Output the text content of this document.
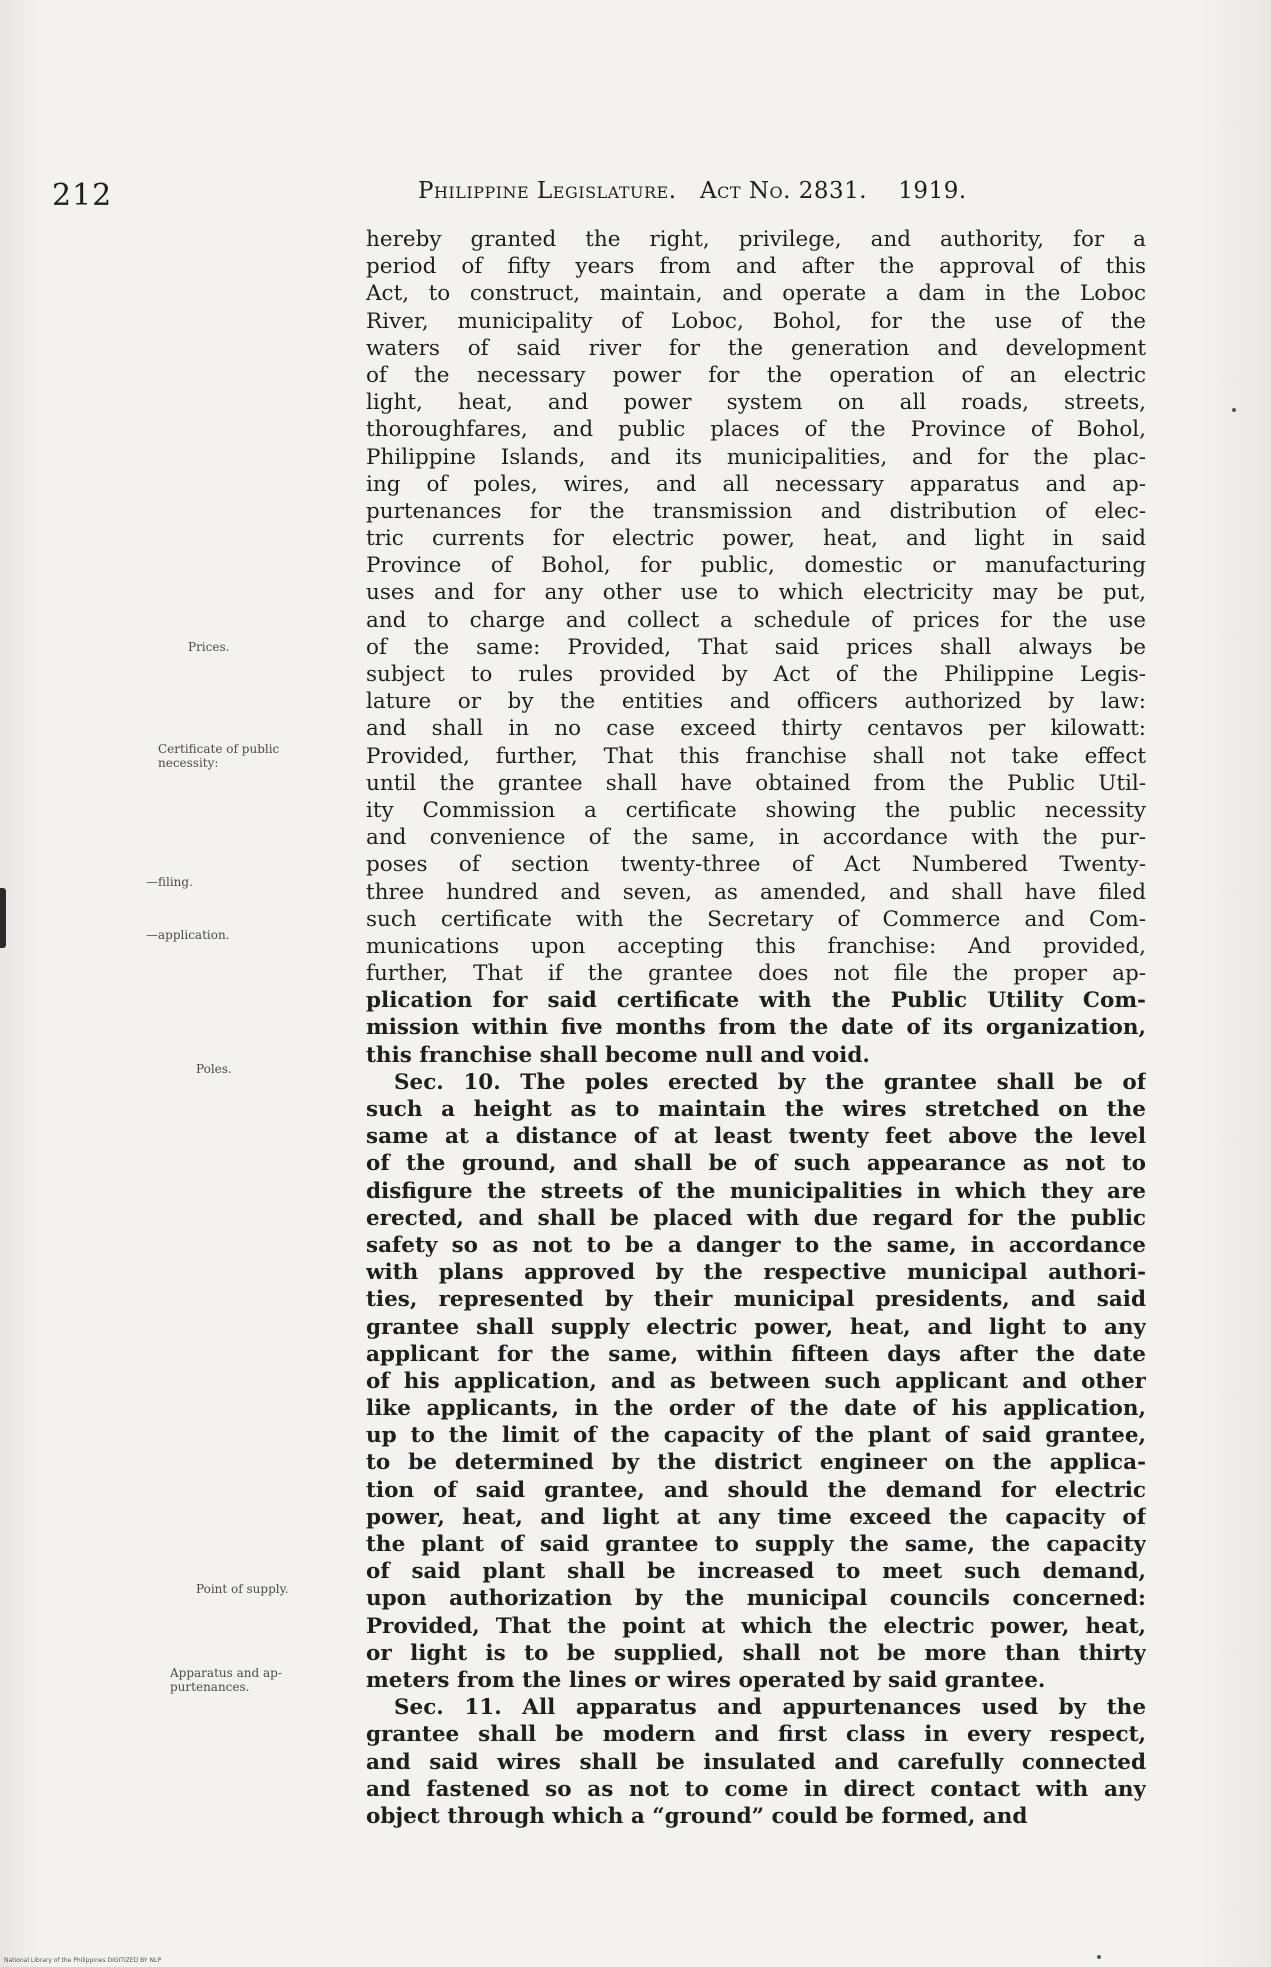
212	Philippine Legislature. Act No. 2831. 1919.
hereby granted the right, privilege, and authority, for a
period of fifty years from and after the approval of this
Act, to construct, maintain, and operate a dam in the Loboc
River, municipality of Loboc, Bohol, for the use of the
waters of said river for the generation and development
of the necessary power for the operation of an electric
light, heat, and power system on all roads, streets,
thoroughfares, and public places of the Province of Bohol,
Philippine Islands, and its municipalities, and for the plac-
ing of poles, wires, and all necessary apparatus and ap-
purtenances for the transmission and distribution of elec-
tric currents for electric power, heat, and light in said
Province of Bohol, for public, domestic or manufacturing
uses and for any other use to which electricity may be put,
and to charge and collect a schedule of prices for the use
of the same: Provided, That said prices shall always be
subject to rules provided by Act of the Philippine Legis-
lature or by the entities and officers authorized by law:
and shall in no case exceed thirty centavos per kilowatt:
Provided, further, That this franchise shall not take effect
until the grantee shall have obtained from the Public Util-
ity Commission a certificate showing the public necessity
and convenience of the same, in accordance with the pur-
poses of section twenty-three of Act Numbered Twenty-
three hundred and seven, as amended, and shall have filed
such certificate with the Secretary of Commerce and Com-
munications upon accepting this franchise: And provided,
further, That if the grantee does not file the proper ap-
plication for said certificate with the Public Utility Com-
mission within five months from the date of its organization,
this franchise shall become null and void.
Sec. 10. The poles erected by the grantee shall be of
such a height as to maintain the wires stretched on the
same at a distance of at least twenty feet above the level
of the ground, and shall be of such appearance as not to
disfigure the streets of the municipalities in which they are
erected, and shall be placed with due regard for the public
safety so as not to be a danger to the same, in accordance
with plans approved by the respective municipal authori-
ties, represented by their municipal presidents, and said
grantee shall supply electric power, heat, and light to any
applicant for the same, within fifteen days after the date
of his application, and as between such applicant and other
like applicants, in the order of the date of his application,
up to the limit of the capacity of the plant of said grantee,
to be determined by the district engineer on the applica-
tion of said grantee, and should the demand for electric
power, heat, and light at any time exceed the capacity of
the plant of said grantee to supply the same, the capacity
of said plant shall be increased to meet such demand,
upon authorization by the municipal councils concerned:
Provided, That the point at which the electric power, heat,
or light is to be supplied, shall not be more than thirty
meters from the lines or wires operated by said grantee.
Sec. 11. All apparatus and appurtenances used by the
grantee shall be modern and first class in every respect,
and said wires shall be insulated and carefully connected
and fastened so as not to come in direct contact with any
object through which a “ground” could be formed, and
Prices.
Certificate of public
necessity:
—filing.
—application.
Poles.
Point of supply.
Apparatus and ap-
purtenances.
National Library of the Philippines DIGITIZED BY NLP
